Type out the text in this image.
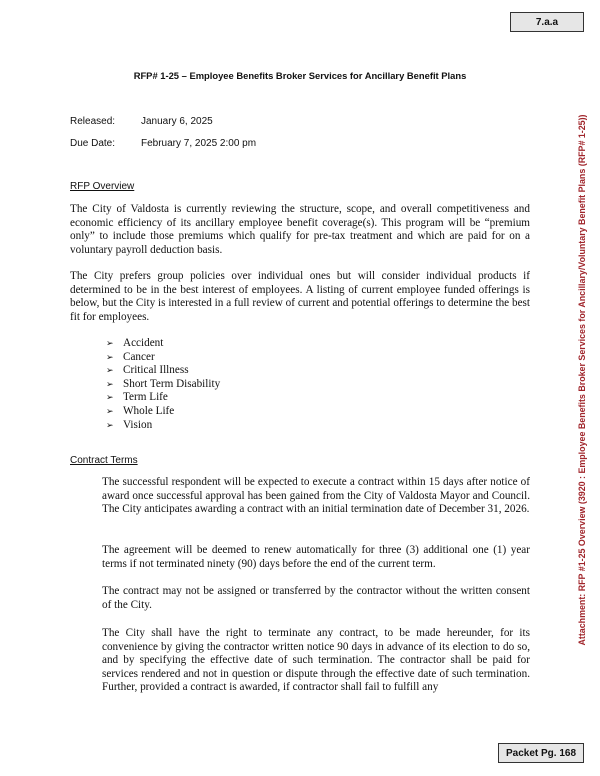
7.a.a
RFP# 1-25 – Employee Benefits Broker Services for Ancillary Benefit Plans
Released:	January 6, 2025
Due Date:	February 7, 2025 2:00 pm
RFP Overview
The City of Valdosta is currently reviewing the structure, scope, and overall competitiveness and economic efficiency of its ancillary employee benefit coverage(s). This program will be “premium only” to include those premiums which qualify for pre-tax treatment and which are paid for on a voluntary payroll deduction basis.
The City prefers group policies over individual ones but will consider individual products if determined to be in the best interest of employees. A listing of current employee funded offerings is below, but the City is interested in a full review of current and potential offerings to determine the best fit for employees.
➢ Accident
➢ Cancer
➢ Critical Illness
➢ Short Term Disability
➢ Term Life
➢ Whole Life
➢ Vision
Contract Terms
The successful respondent will be expected to execute a contract within 15 days after notice of award once successful approval has been gained from the City of Valdosta Mayor and Council. The City anticipates awarding a contract with an initial termination date of December 31, 2026.
The agreement will be deemed to renew automatically for three (3) additional one (1) year terms if not terminated ninety (90) days before the end of the current term.
The contract may not be assigned or transferred by the contractor without the written consent of the City.
The City shall have the right to terminate any contract, to be made hereunder, for its convenience by giving the contractor written notice 90 days in advance of its election to do so, and by specifying the effective date of such termination. The contractor shall be paid for services rendered and not in question or dispute through the effective date of such termination. Further, provided a contract is awarded, if contractor shall fail to fulfill any
Attachment: RFP #1-25 Overview (3920 : Employee Benefits Broker Services for Ancillary/Voluntary Benefit Plans (RFP# 1-25))
Packet Pg. 168
